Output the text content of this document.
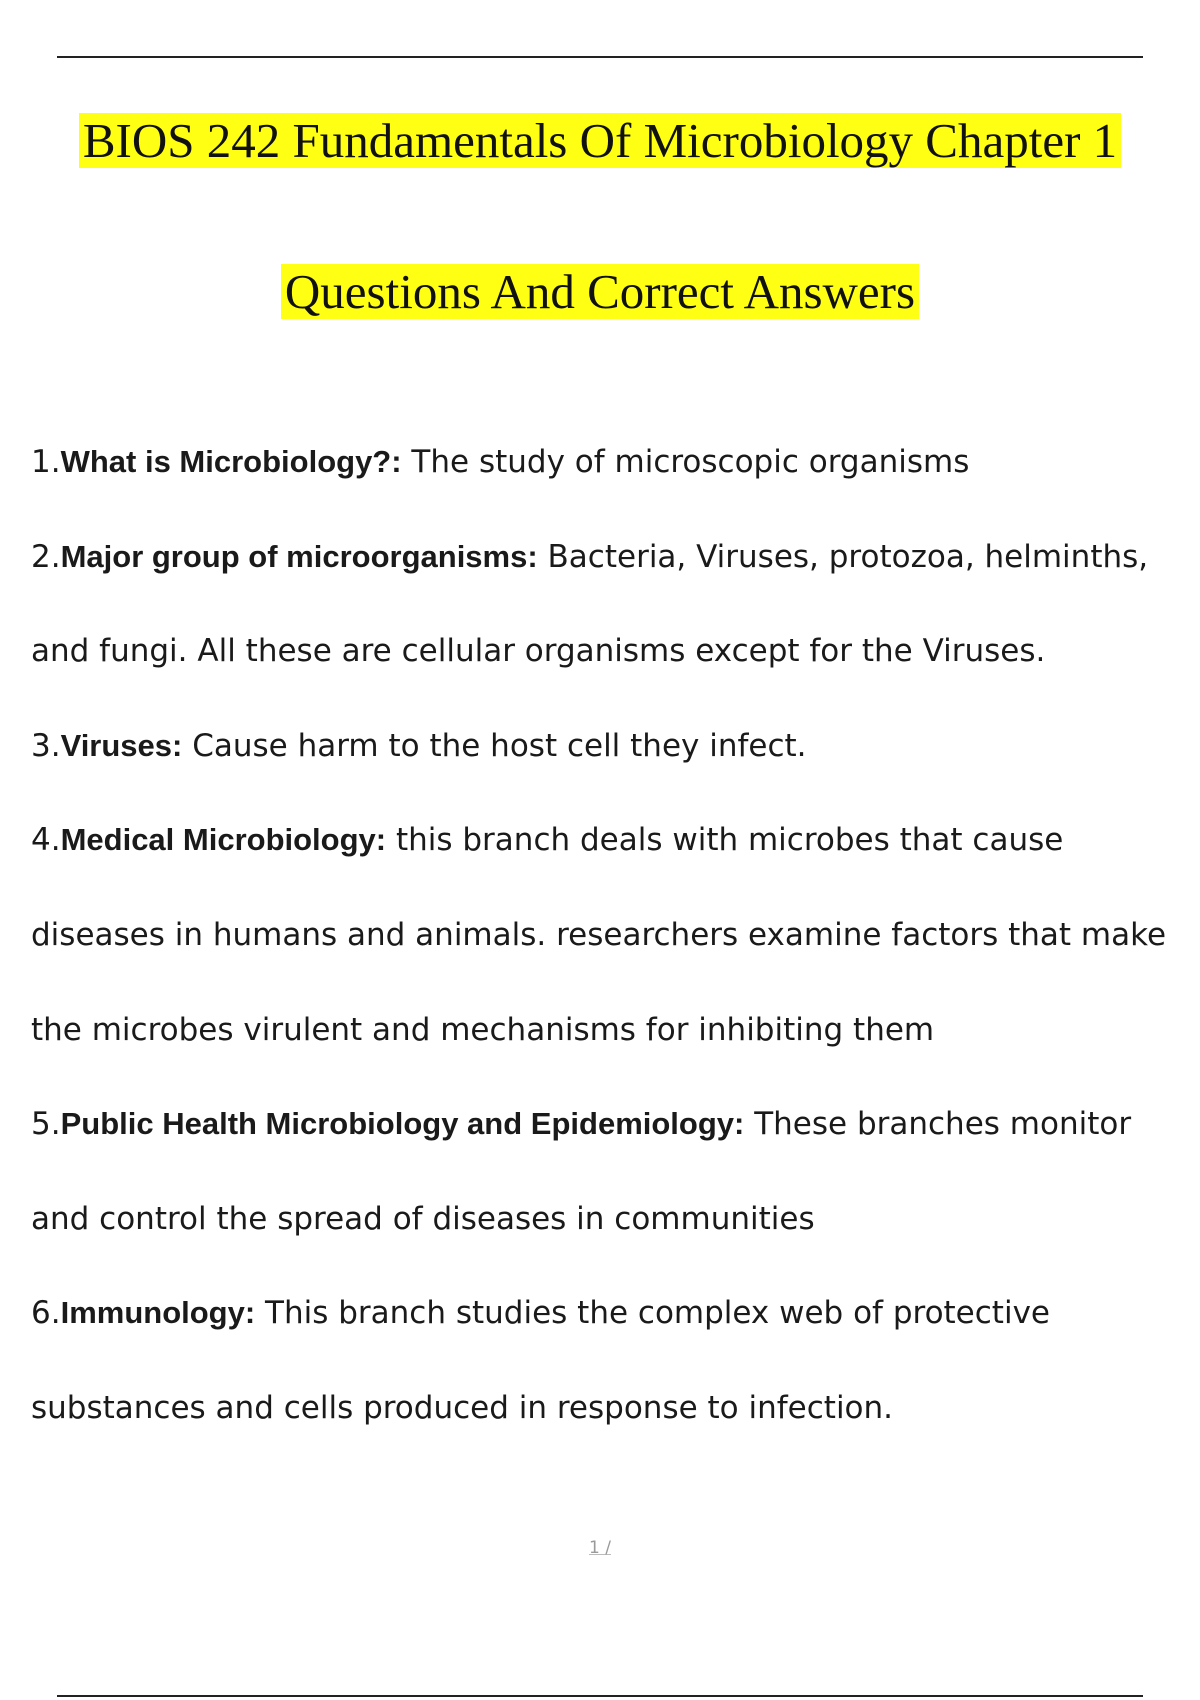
BIOS 242 Fundamentals Of Microbiology Chapter 1
Questions And Correct Answers

1.What is Microbiology?: The study of microscopic organisms

2.Major group of microorganisms: Bacteria, Viruses, protozoa, helminths, and fungi. All these are cellular organisms except for the Viruses.

3.Viruses: Cause harm to the host cell they infect.

4.Medical Microbiology: this branch deals with microbes that cause diseases in humans and animals. researchers examine factors that make the microbes virulent and mechanisms for inhibiting them

5.Public Health Microbiology and Epidemiology: These branches monitor and control the spread of diseases in communities

6.Immunology: This branch studies the complex web of protective substances and cells produced in response to infection.

1 /
